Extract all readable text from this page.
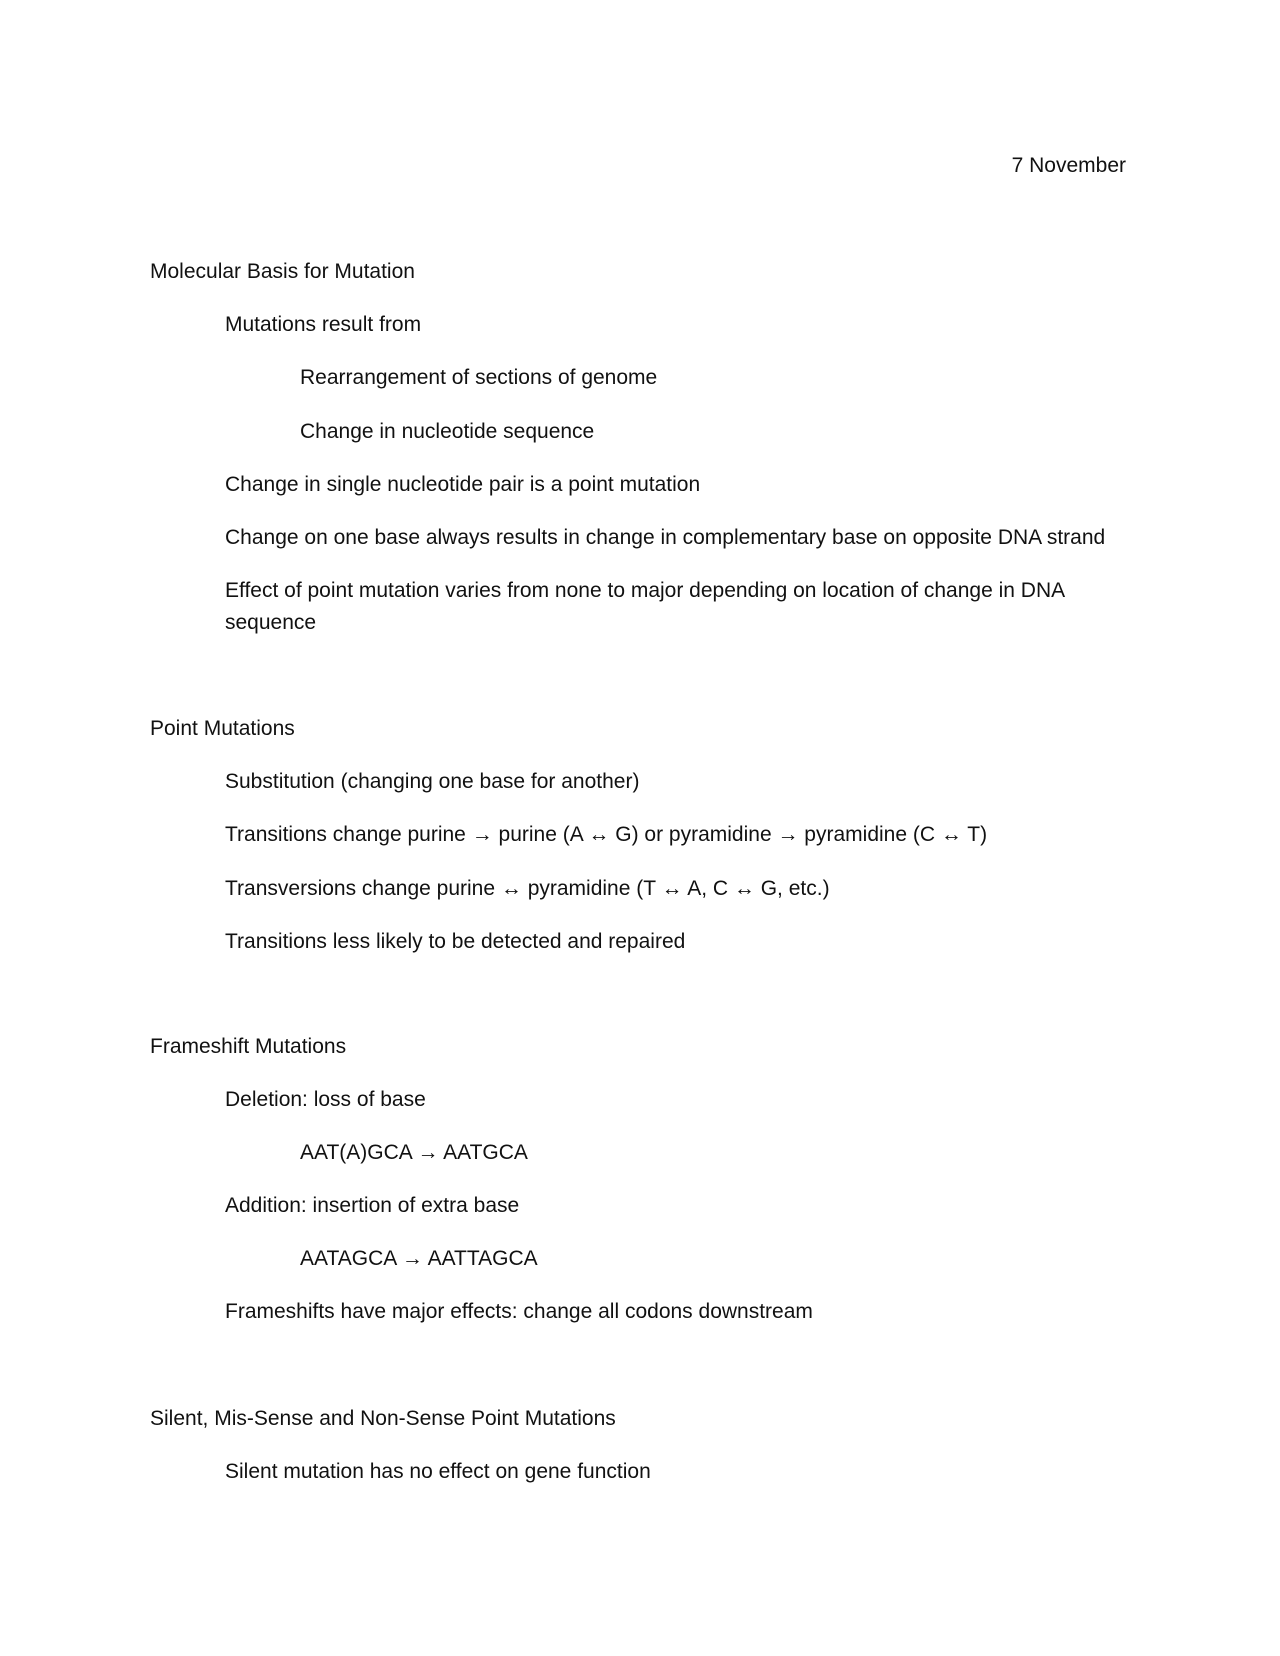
7 November
Molecular Basis for Mutation
Mutations result from
Rearrangement of sections of genome
Change in nucleotide sequence
Change in single nucleotide pair is a point mutation
Change on one base always results in change in complementary base on opposite DNA strand
Effect of point mutation varies from none to major depending on location of change in DNA sequence
Point Mutations
Substitution (changing one base for another)
Transitions change purine → purine (A ↔ G) or pyramidine → pyramidine (C ↔ T)
Transversions change purine ↔ pyramidine (T ↔ A, C ↔ G, etc.)
Transitions less likely to be detected and repaired
Frameshift Mutations
Deletion: loss of base
AAT(A)GCA → AATGCA
Addition: insertion of extra base
AATAGCA → AATTAGCA
Frameshifts have major effects: change all codons downstream
Silent, Mis-Sense and Non-Sense Point Mutations
Silent mutation has no effect on gene function
